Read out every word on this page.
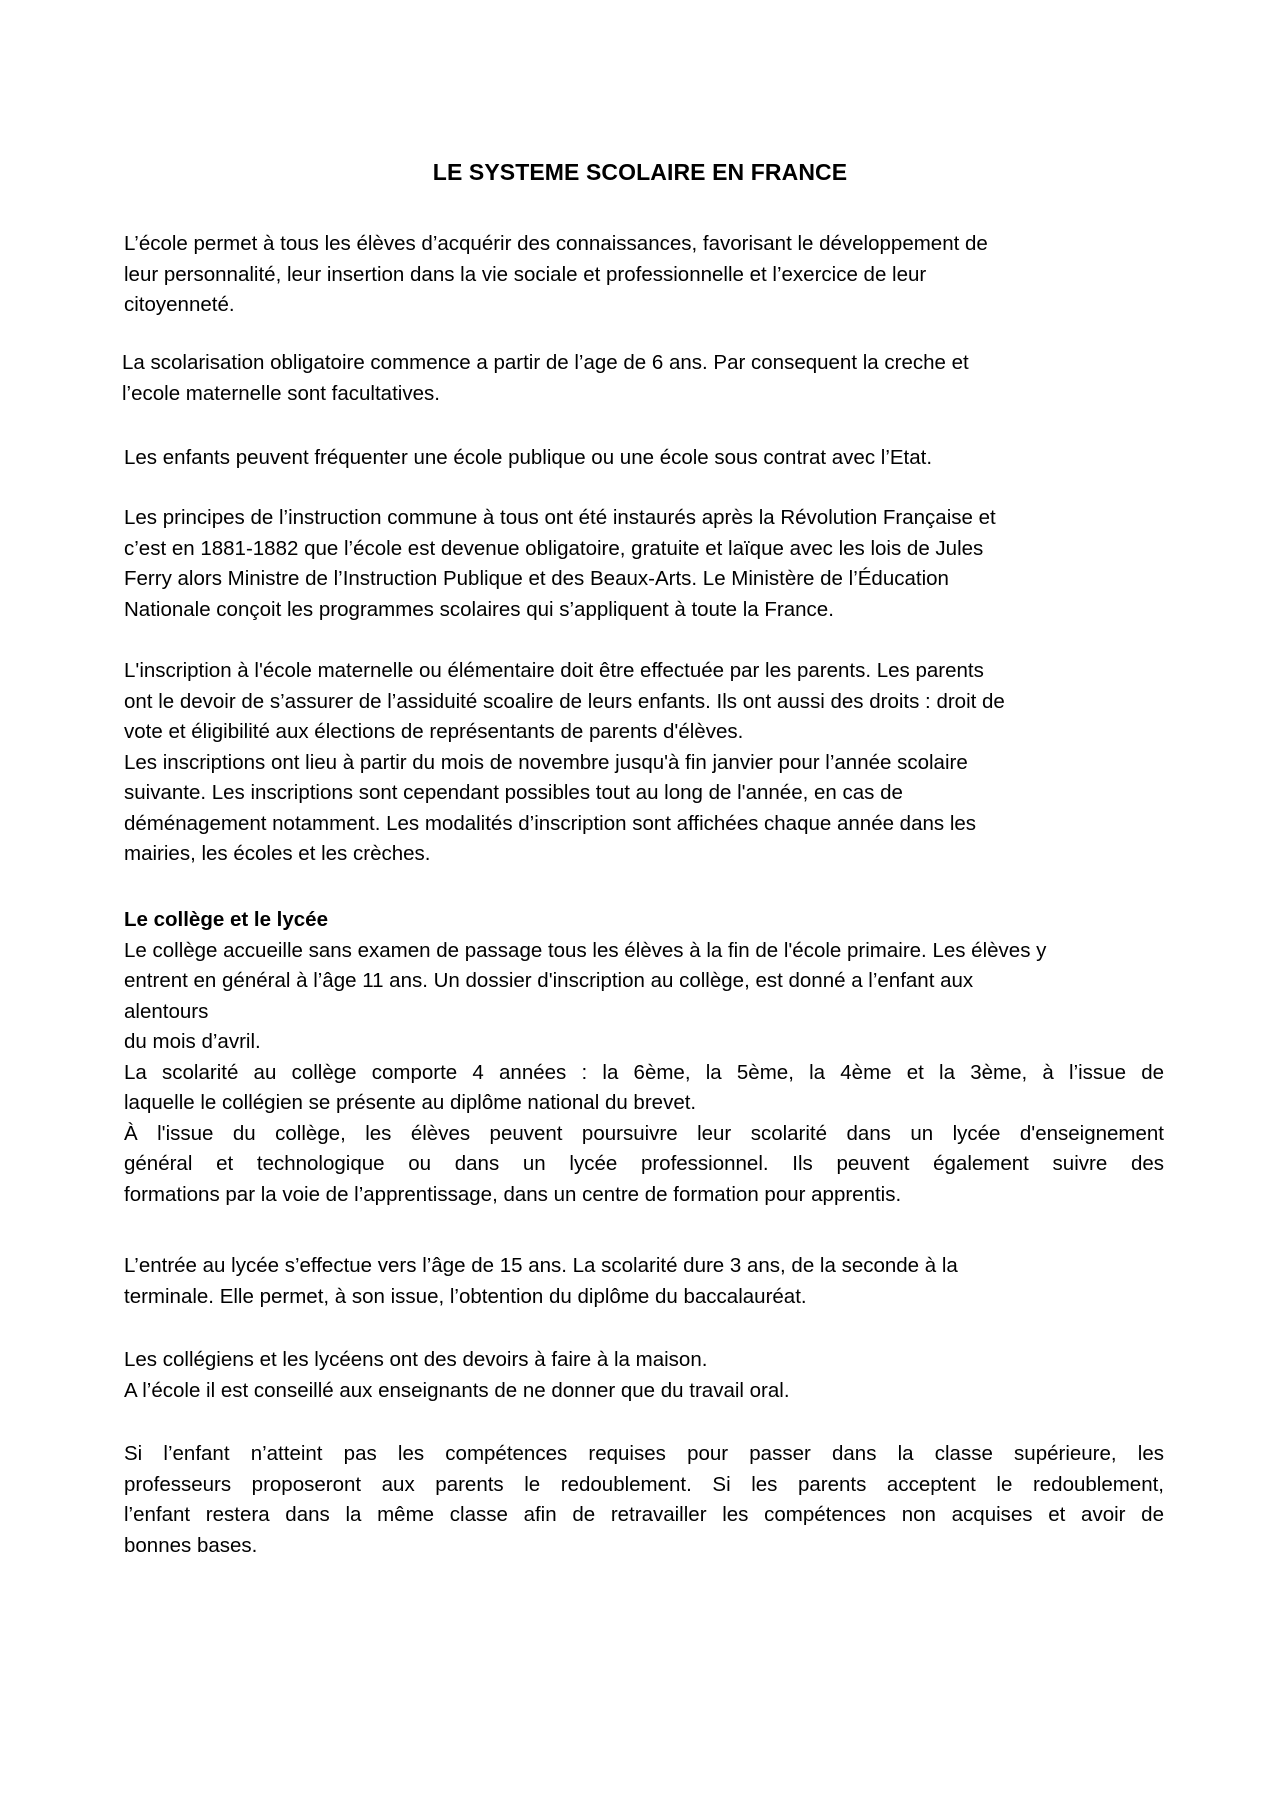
LE SYSTEME SCOLAIRE EN FRANCE
L’école permet à tous les élèves d’acquérir des connaissances, favorisant le développement de
leur personnalité, leur insertion dans la vie sociale et professionnelle et l’exercice de leur
citoyenneté.
La scolarisation obligatoire commence a partir de l’age de 6 ans. Par consequent la creche et
l’ecole maternelle sont facultatives.
Les enfants peuvent fréquenter une école publique ou une école sous contrat avec l’Etat.
Les principes de l’instruction commune à tous ont été instaurés après la Révolution Française et
c’est en 1881-1882 que l’école est devenue obligatoire, gratuite et laïque avec les lois de Jules
Ferry alors Ministre de l’Instruction Publique et des Beaux-Arts. Le Ministère de l’Éducation
Nationale conçoit les programmes scolaires qui s’appliquent à toute la France.
L'inscription à l'école maternelle ou élémentaire doit être effectuée par les parents. Les parents
ont le devoir de s’assurer de l’assiduité scoalire de leurs enfants. Ils ont aussi des droits : droit de
vote et éligibilité aux élections de représentants de parents d'élèves.
Les inscriptions ont lieu à partir du mois de novembre jusqu'à fin janvier pour l’année scolaire
suivante. Les inscriptions sont cependant possibles tout au long de l'année, en cas de
déménagement notamment. Les modalités d’inscription sont affichées chaque année dans les
mairies, les écoles et les crèches.
Le collège et le lycée
Le collège accueille sans examen de passage tous les élèves à la fin de l'école primaire. Les élèves y
entrent en général à l’âge 11 ans. Un dossier d'inscription au collège, est donné a l’enfant aux
alentours
du mois d’avril.
La scolarité au collège comporte 4 années : la 6ème, la 5ème, la 4ème et la 3ème, à l’issue de
laquelle le collégien se présente au diplôme national du brevet.
À l'issue du collège, les élèves peuvent poursuivre leur scolarité dans un lycée d'enseignement
général et technologique ou dans un lycée professionnel. Ils peuvent également suivre des
formations par la voie de l’apprentissage, dans un centre de formation pour apprentis.
L’entrée au lycée s’effectue vers l’âge de 15 ans. La scolarité dure 3 ans, de la seconde à la
terminale. Elle permet, à son issue, l’obtention du diplôme du baccalauréat.
Les collégiens et les lycéens ont des devoirs à faire à la maison.
A l’école il est conseillé aux enseignants de ne donner que du travail oral.
Si l’enfant n’atteint pas les compétences requises pour passer dans la classe supérieure, les
professeurs proposeront aux parents le redoublement. Si les parents acceptent le redoublement,
l’enfant restera dans la même classe afin de retravailler les compétences non acquises et avoir de
bonnes bases.
